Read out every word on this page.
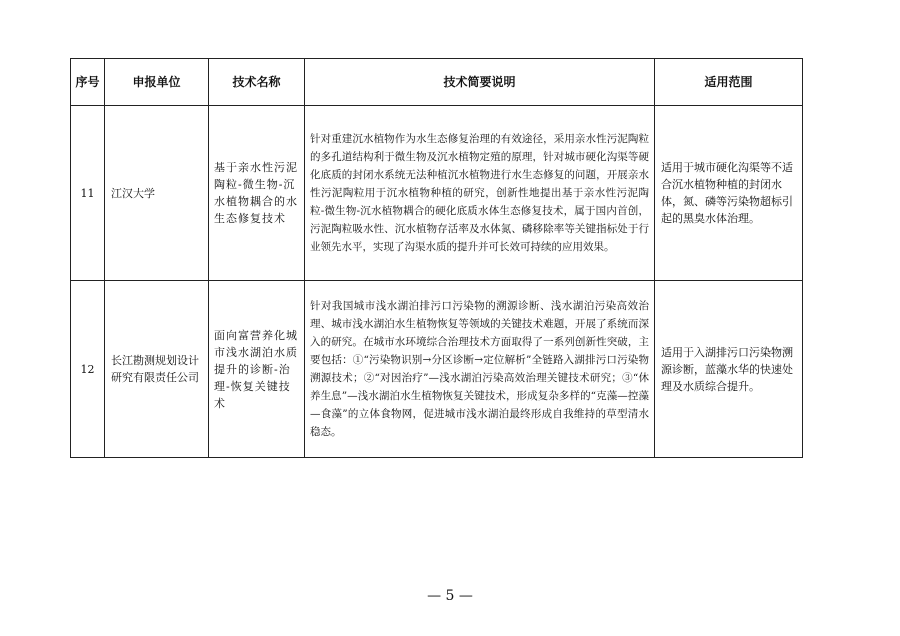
序号	申报单位	技术名称	技术简要说明	适用范围
11	江汉大学	基于亲水性污泥陶粒-微生物-沉水植物耦合的水生态修复技术	针对重建沉水植物作为水生态修复治理的有效途径，采用亲水性污泥陶粒的多孔道结构利于微生物及沉水植物定殖的原理，针对城市硬化沟渠等硬化底质的封闭水系统无法种植沉水植物进行水生态修复的问题，开展亲水性污泥陶粒用于沉水植物种植的研究，创新性地提出基于亲水性污泥陶粒-微生物-沉水植物耦合的硬化底质水体生态修复技术，属于国内首创，污泥陶粒吸水性、沉水植物存活率及水体氮、磷移除率等关键指标处于行业领先水平，实现了沟渠水质的提升并可长效可持续的应用效果。	适用于城市硬化沟渠等不适合沉水植物种植的封闭水体，氮、磷等污染物超标引起的黑臭水体治理。
12	长江勘测规划设计研究有限责任公司	面向富营养化城市浅水湖泊水质提升的诊断-治理-恢复关键技术	针对我国城市浅水湖泊排污口污染物的溯源诊断、浅水湖泊污染高效治理、城市浅水湖泊水生植物恢复等领域的关键技术难题，开展了系统而深入的研究。在城市水环境综合治理技术方面取得了一系列创新性突破，主要包括：①“污染物识别→分区诊断→定位解析”全链路入湖排污口污染物溯源技术；②“对因治疗”—浅水湖泊污染高效治理关键技术研究；③“休养生息”—浅水湖泊水生植物恢复关键技术，形成复杂多样的“克藻—控藻—食藻”的立体食物网，促进城市浅水湖泊最终形成自我维持的草型清水稳态。	适用于入湖排污口污染物溯源诊断，蓝藻水华的快速处理及水质综合提升。
— 5 —
